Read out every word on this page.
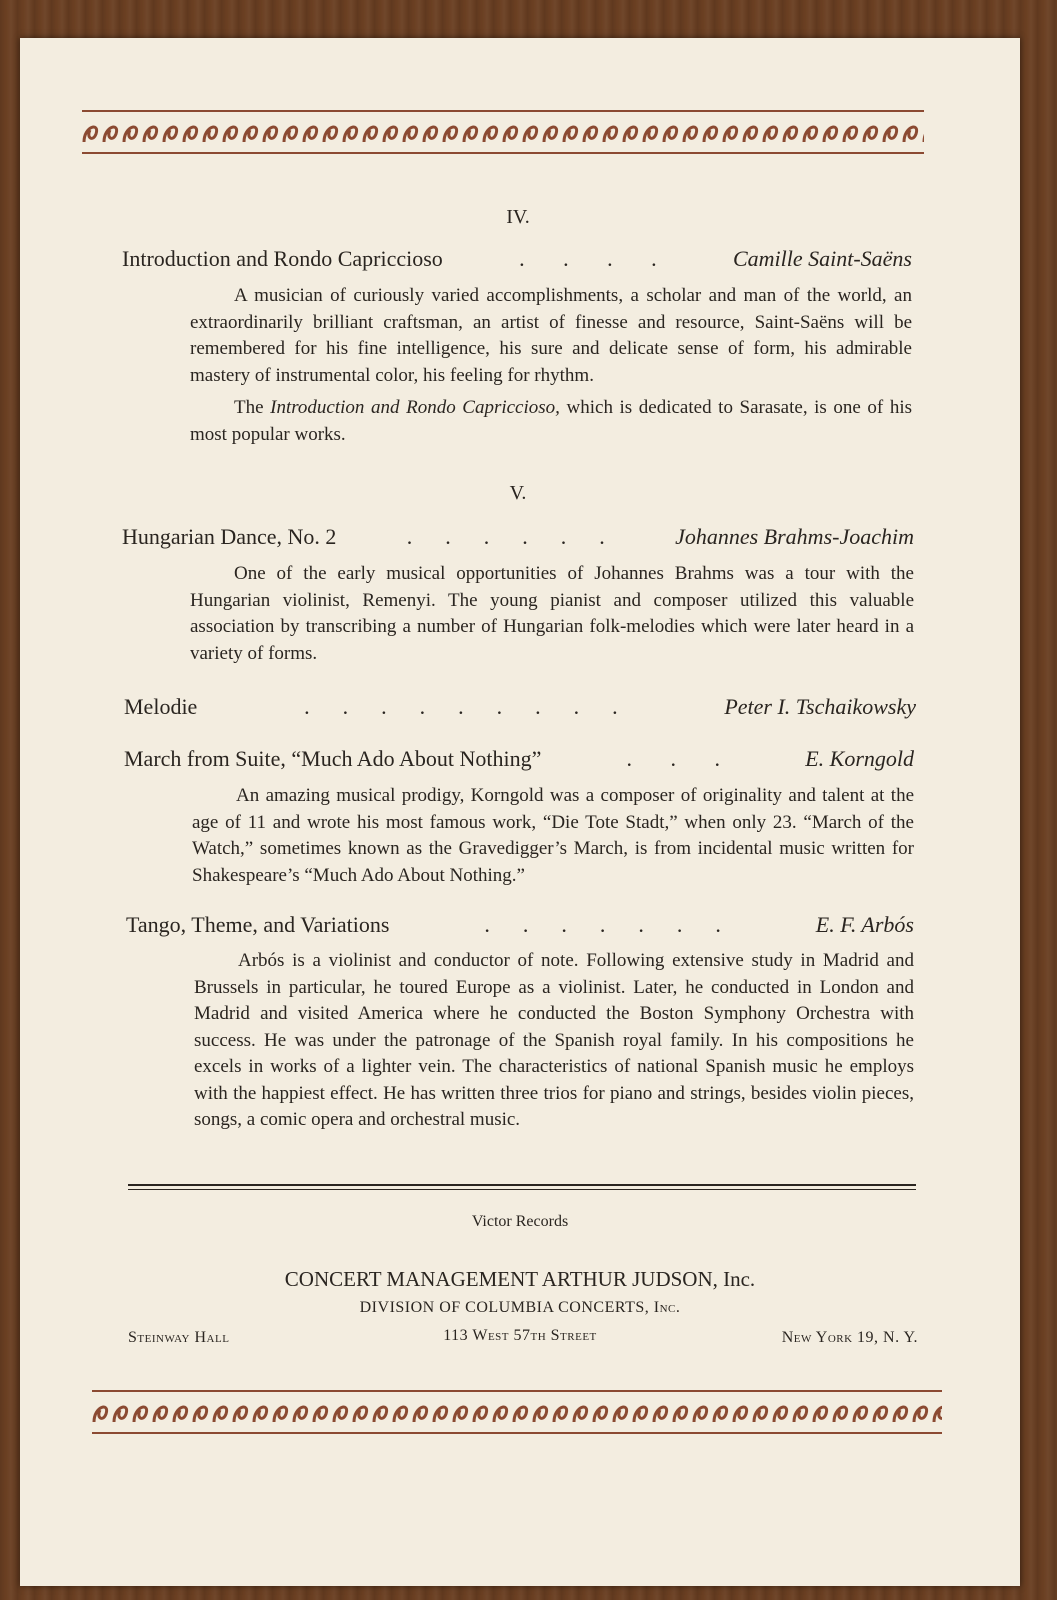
IV.
Introduction and Rondo Capriccioso	.       .       .       .	Camille Saint-Saëns
A musician of curiously varied accomplishments, a scholar and man of the world, an extraordinarily brilliant craftsman, an artist of finesse and resource, Saint-Saëns will be remembered for his fine intelligence, his sure and delicate sense of form, his admirable mastery of instrumental color, his feeling for rhythm.
The Introduction and Rondo Capriccioso, which is dedicated to Sarasate, is one of his most popular works.
V.
Hungarian Dance, No. 2	.      .      .      .      .      .	Johannes Brahms-Joachim
One of the early musical opportunities of Johannes Brahms was a tour with the Hungarian violinist, Remenyi. The young pianist and composer utilized this valuable association by transcribing a number of Hungarian folk-melodies which were later heard in a variety of forms.
Melodie	.      .      .      .      .      .      .      .      .	Peter I. Tschaikowsky
March from Suite, “Much Ado About Nothing”	.       .       .	E. Korngold
An amazing musical prodigy, Korngold was a composer of originality and talent at the age of 11 and wrote his most famous work, “Die Tote Stadt,” when only 23. “March of the Watch,” sometimes known as the Gravedigger’s March, is from incidental music written for Shakespeare’s “Much Ado About Nothing.”
Tango, Theme, and Variations	.      .      .      .      .      .      .	E. F. Arbós
Arbós is a violinist and conductor of note. Following extensive study in Madrid and Brussels in particular, he toured Europe as a violinist. Later, he conducted in London and Madrid and visited America where he conducted the Boston Symphony Orchestra with success. He was under the patronage of the Spanish royal family. In his compositions he excels in works of a lighter vein. The characteristics of national Spanish music he employs with the happiest effect. He has written three trios for piano and strings, besides violin pieces, songs, a comic opera and orchestral music.
Victor Records
CONCERT MANAGEMENT ARTHUR JUDSON, Inc.
DIVISION OF COLUMBIA CONCERTS, Inc.
Steinway Hall	113 West 57th Street	New York 19, N. Y.
